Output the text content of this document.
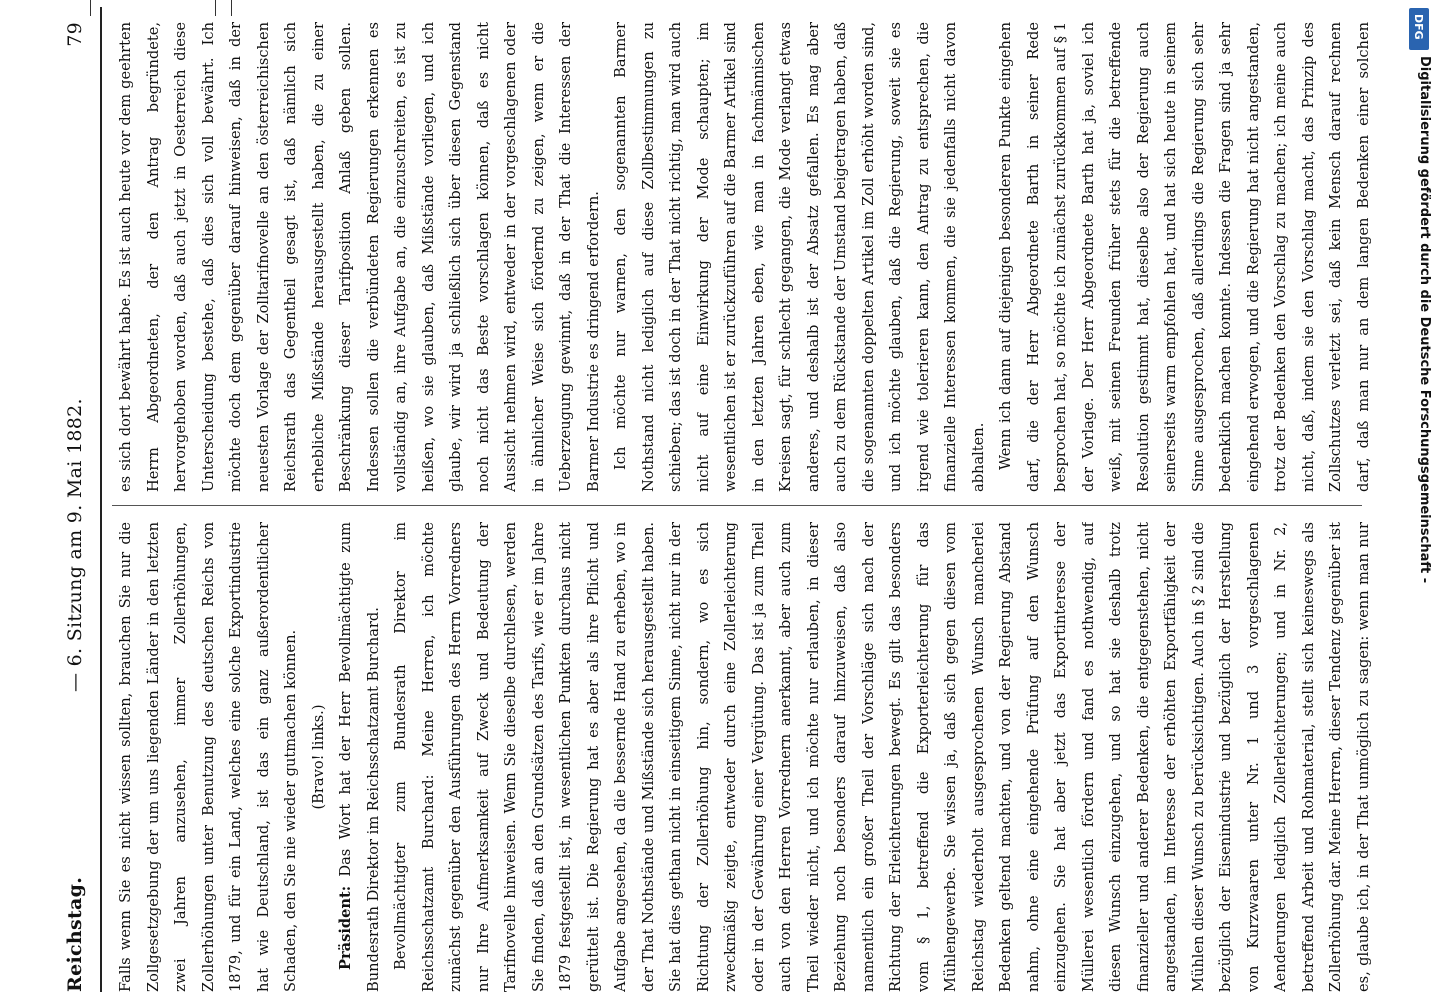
Reichstag.
— 6. Sitzung am 9. Mai 1882.
79

Falls wenn Sie es nicht wissen sollten, brauchen Sie nur die Zollgesetzgebung der um uns liegenden Länder in den letzten zwei Jahren anzusehen, immer Zollerhöhungen, Zollerhöhungen unter Benutzung des deutschen Reichs von 1879, und für ein Land, welches eine solche Exportindustrie hat wie Deutschland, ist das ein ganz außerordentlicher Schaden, den Sie nie wieder gutmachen können. (Bravo! links.)

Präsident: Das Wort hat der Herr Bevollmächtigte zum Bundesrath Direktor im Reichsschatzamt Burchard. Bevollmächtigter zum Bundesrath Direktor im Reichsschatzamt Burchard: Meine Herren, ich möchte zunächst gegenüber den Ausführungen des Herrn Vorredners nur Ihre Aufmerksamkeit auf Zweck und Bedeutung der Tarifnovelle hinweisen. Wenn Sie dieselbe durchlesen, werden Sie finden, daß an den Grundsätzen des Tarifs, wie er im Jahre 1879 festgestellt ist, in wesentlichen Punkten durchaus nicht gerüttelt ist. Die Regierung hat es aber als ihre Pflicht und Aufgabe angesehen, da die bessernde Hand zu erheben, wo in der That Nothstände und Mißstände sich herausgestellt haben. Sie hat dies gethan nicht in einseitigem Sinne, nicht nur in der Richtung der Zollerhöhung hin, sondern, wo es sich zweckmäßig zeigte, entweder durch eine Zollerleichterung oder in der Gewährung einer Vergütung. Das ist ja zum Theil auch von den Herren Vorrednern anerkannt, aber auch zum Theil wieder nicht, und ich möchte nur erlauben, in dieser Beziehung noch besonders darauf hinzuweisen, daß also namentlich ein großer Theil der Vorschläge sich nach der Richtung der Erleichterungen bewegt. Es gilt das besonders vom § 1, betreffend die Exporterleichterung für das Mühlengewerbe. Sie wissen ja, daß sich gegen diesen vom Reichstag wiederholt ausgesprochenen Wunsch mancherlei Bedenken geltend machten, und von der Regierung Abstand nahm, ohne eine eingehende Prüfung auf den Wunsch einzugehen. Sie hat aber jetzt das Exportinteresse der Müllerei wesentlich fördern und fand es nothwendig, auf diesen Wunsch einzugehen, und so hat sie deshalb trotz finanzieller und anderer Bedenken, die entgegenstehen, nicht angestanden, im Interesse der erhöhten Exportfähigkeit der Mühlen dieser Wunsch zu berücksichtigen. Auch in § 2 sind die bezüglich der Eisenindustrie und bezüglich der Herstellung von Kurzwaaren unter Nr. 1 und 3 vorgeschlagenen Aenderungen lediglich Zollerleichterungen; und in Nr. 2, betreffend Arbeit und Rohmaterial, stellt sich keineswegs als Zollerhöhung dar. Meine Herren, dieser Tendenz gegenüber ist es, glaube ich, in der That unmöglich zu sagen: wenn man nur

es sich dort bewährt habe. Es ist auch heute vor dem geehrten Herrn Abgeordneten, der den Antrag begründete, hervorgehoben worden, daß auch jetzt in Oesterreich diese Unterscheidung bestehe, daß dies sich voll bewährt. Ich möchte doch dem gegenüber darauf hinweisen, daß in der neuesten Vorlage der Zolltarifnovelle an den österreichischen Reichsrath das Gegentheil gesagt ist, daß nämlich sich erhebliche Mißstände herausgestellt haben, die zu einer Beschränkung dieser Tarifposition Anlaß geben sollen. Indessen sollen die verbündeten Regierungen erkennen es vollständig an, ihre Aufgabe an, die einzuschreiten, es ist zu heißen, wo sie glauben, daß Mißstände vorliegen, und ich glaube, wir wird ja schließlich sich über diesen Gegenstand noch nicht das Beste vorschlagen können, daß es nicht Aussicht nehmen wird, entweder in der vorgeschlagenen oder in ähnlicher Weise sich fördernd zu zeigen, wenn er die Ueberzeugung gewinnt, daß in der That die Interessen der Barmer Industrie es dringend erfordern. Ich möchte nur warnen, den sogenannten Barmer Nothstand nicht lediglich auf diese Zollbestimmungen zu schieben; das ist doch in der That nicht richtig, man wird auch nicht auf eine Einwirkung der Mode schaupten; im wesentlichen ist er zurückzuführen auf die Barmer Artikel sind in den letzten Jahren eben, wie man in fachmännischen Kreisen sagt, für schlecht gegangen, die Mode verlangt etwas anderes, und deshalb ist der Absatz gefallen. Es mag aber auch zu dem Rückstande der Umstand beigetragen haben, daß die sogenannten doppelten Artikel im Zoll erhöht worden sind, und ich möchte glauben, daß die Regierung, soweit sie es irgend wie tolerieren kann, den Antrag zu entsprechen, die finanzielle Interessen kommen, die sie jedenfalls nicht davon abhalten. Wenn ich dann auf diejenigen besonderen Punkte eingehen darf, die der Herr Abgeordnete Barth in seiner Rede besprochen hat, so möchte ich zunächst zurückkommen auf § 1 der Vorlage. Der Herr Abgeordnete Barth hat ja, soviel ich weiß, mit seinen Freunden früher stets für die betreffende Resolution gestimmt hat, dieselbe also der Regierung auch seinerseits warm empfohlen hat, und hat sich heute in seinem Sinne ausgesprochen, daß allerdings die Regierung sich sehr bedenklich machen konnte. Indessen die Fragen sind ja sehr eingehend erwogen, und die Regierung hat nicht angestanden, trotz der Bedenken den Vorschlag zu machen; ich meine auch nicht, daß, indem sie den Vorschlag macht, das Prinzip des Zollschutzes verletzt sei, daß kein Mensch darauf rechnen darf, daß man nur an dem langen Bedenken einer solchen	DFG
Digitalisierung gefördert durch die Deutsche Forschungsgemeinschaft -
